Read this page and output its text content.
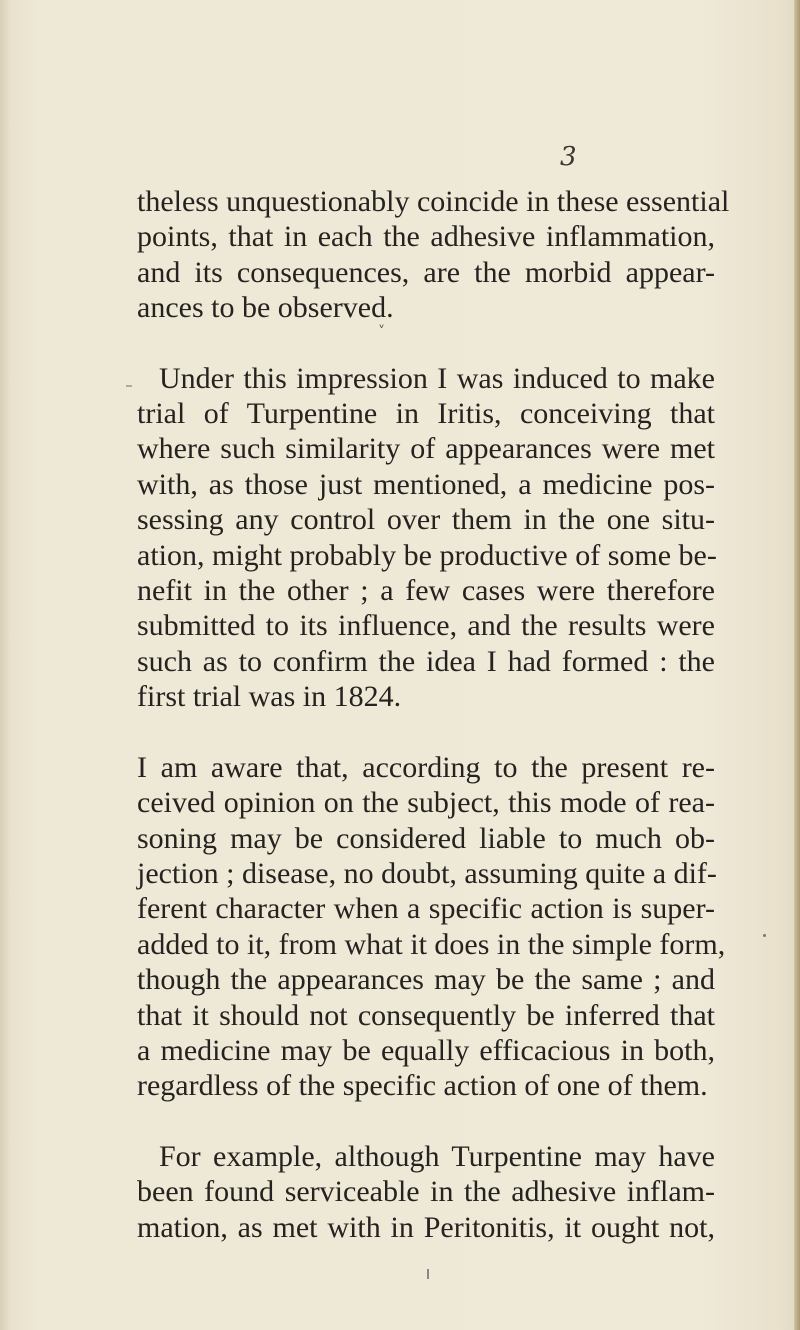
3
˅
theless unquestionably coincide in these essential
points, that in each the adhesive inflammation,
and its consequences, are the morbid appear-
ances to be observed.
Under this impression I was induced to make
trial of Turpentine in Iritis, conceiving that
where such similarity of appearances were met
with, as those just mentioned, a medicine pos-
sessing any control over them in the one situ-
ation, might probably be productive of some be-
nefit in the other ; a few cases were therefore
submitted to its influence, and the results were
such as to confirm the idea I had formed : the
first trial was in 1824.
I am aware that, according to the present re-
ceived opinion on the subject, this mode of rea-
soning may be considered liable to much ob-
jection ; disease, no doubt, assuming quite a dif-
ferent character when a specific action is super-
added to it, from what it does in the simple form,
though the appearances may be the same ; and
that it should not consequently be inferred that
a medicine may be equally efficacious in both,
regardless of the specific action of one of them.
For example, although Turpentine may have
been found serviceable in the adhesive inflam-
mation, as met with in Peritonitis, it ought not,
